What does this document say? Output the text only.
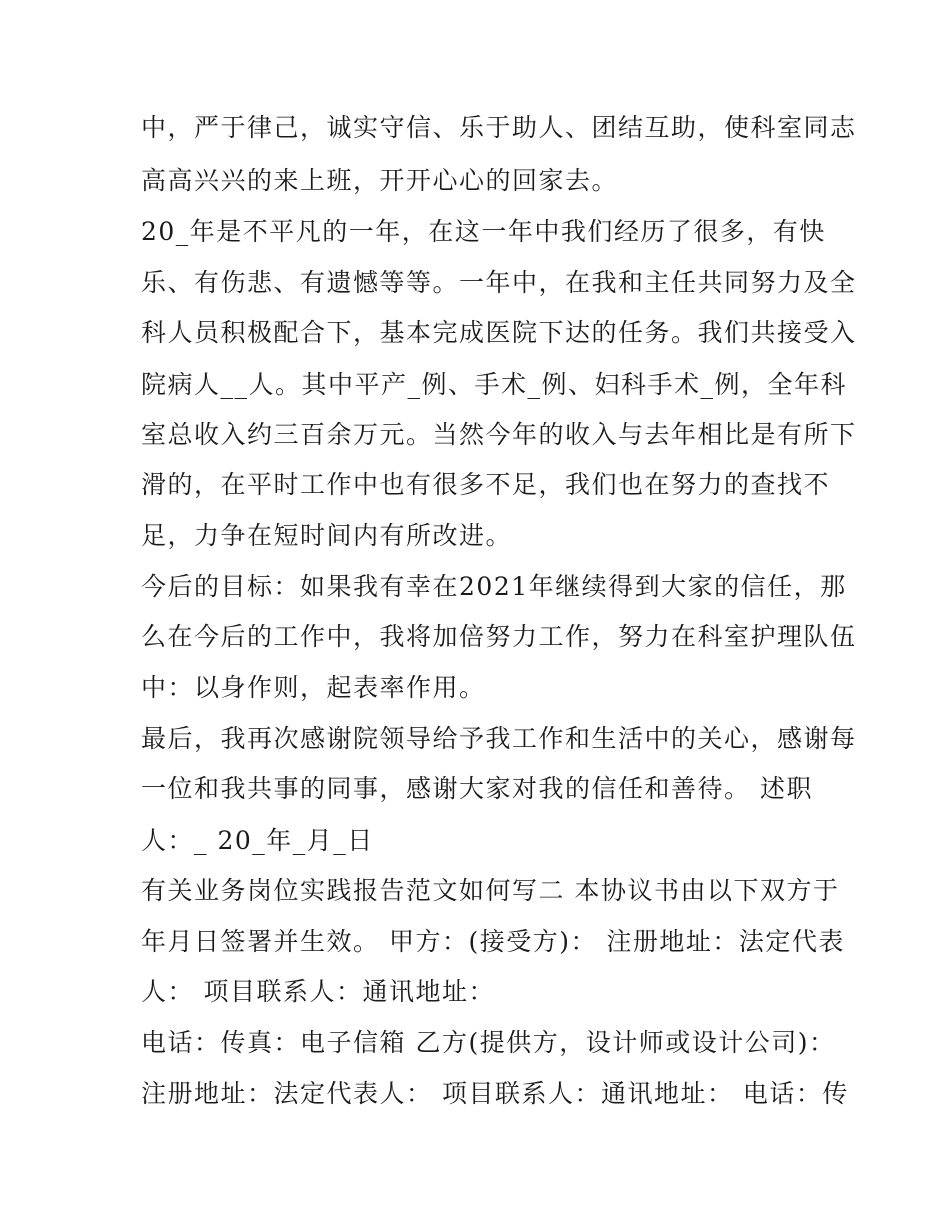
中，严于律己，诚实守信、乐于助人、团结互助，使科室同志
高高兴兴的来上班，开开心心的回家去。
20_年是不平凡的一年，在这一年中我们经历了很多，有快
乐、有伤悲、有遗憾等等。一年中，在我和主任共同努力及全
科人员积极配合下，基本完成医院下达的任务。我们共接受入
院病人__人。其中平产_例、手术_例、妇科手术_例，全年科
室总收入约三百余万元。当然今年的收入与去年相比是有所下
滑的，在平时工作中也有很多不足，我们也在努力的查找不
足，力争在短时间内有所改进。
今后的目标：如果我有幸在2021年继续得到大家的信任，那
么在今后的工作中，我将加倍努力工作，努力在科室护理队伍
中：以身作则，起表率作用。
最后，我再次感谢院领导给予我工作和生活中的关心，感谢每
一位和我共事的同事，感谢大家对我的信任和善待。 述职
人：_ 20_年_月_日
有关业务岗位实践报告范文如何写二 本协议书由以下双方于
年月日签署并生效。 甲方：(接受方)： 注册地址：法定代表
人： 项目联系人：通讯地址：
电话：传真：电子信箱 乙方(提供方，设计师或设计公司)：
注册地址：法定代表人： 项目联系人：通讯地址： 电话：传
